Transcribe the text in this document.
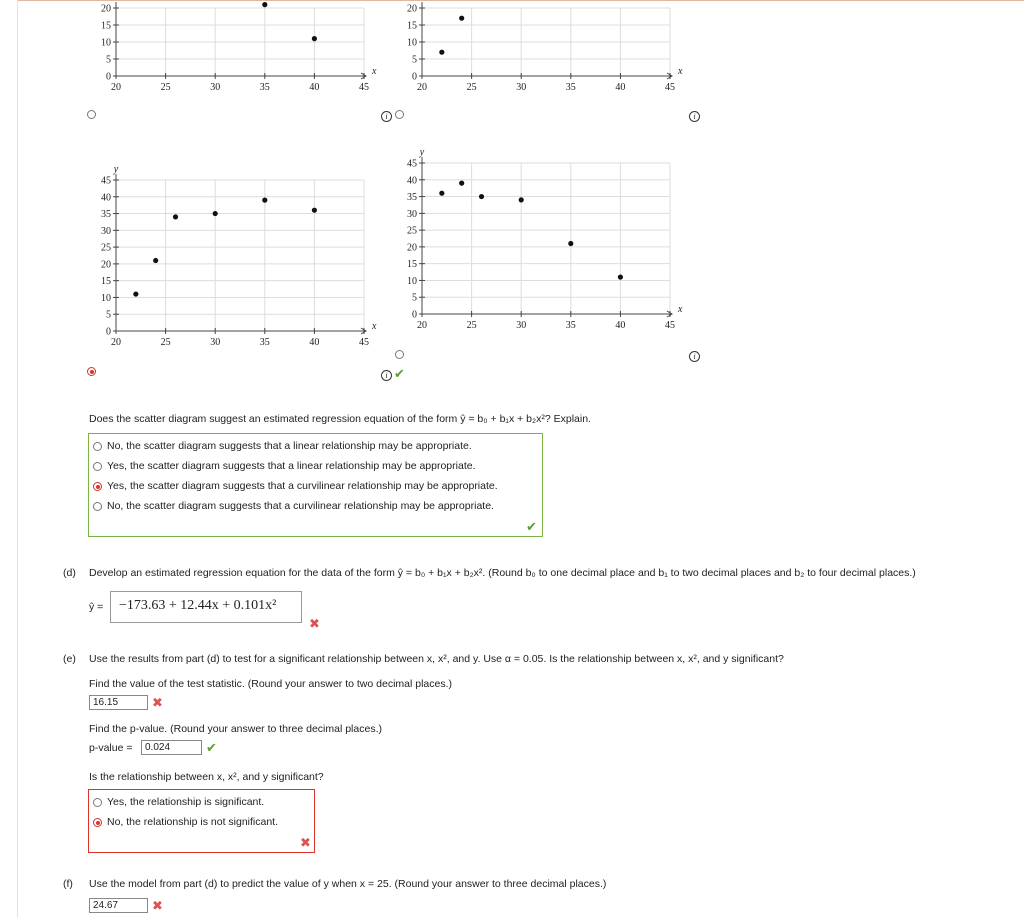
0
5
10
15
20
20	25	30	35	40	45
x	0
5
10
15
20
20	25	30	35	40	45
x
0
5
10
15
20
25
30
35
40
45
20	25	30	35	40	45
x
y
0
5
10
15
20
25
30
35
40
45
20	25	30	35	40	45
x
y
i	i
i ✔
i
Does the scatter diagram suggest an estimated regression equation of the form ŷ = b₀ + b₁x + b₂x²? Explain.
No, the scatter diagram suggests that a linear relationship may be appropriate.
Yes, the scatter diagram suggests that a linear relationship may be appropriate.
Yes, the scatter diagram suggests that a curvilinear relationship may be appropriate.
No, the scatter diagram suggests that a curvilinear relationship may be appropriate.
✔
(d) Develop an estimated regression equation for the data of the form ŷ = b₀ + b₁x + b₂x². (Round b₀ to one decimal place and b₁ to two decimal places and b₂ to four decimal places.)
ŷ =	−173.63 + 12.44x + 0.101x²
✖
(e) Use the results from part (d) to test for a significant relationship between x, x², and y. Use α = 0.05. Is the relationship between x, x², and y significant?
Find the value of the test statistic. (Round your answer to two decimal places.)
16.15	✖
Find the p-value. (Round your answer to three decimal places.)
p-value =	0.024	✔
Is the relationship between x, x², and y significant?
Yes, the relationship is significant.
No, the relationship is not significant.
✖
(f) Use the model from part (d) to predict the value of y when x = 25. (Round your answer to three decimal places.)
24.67	✖
